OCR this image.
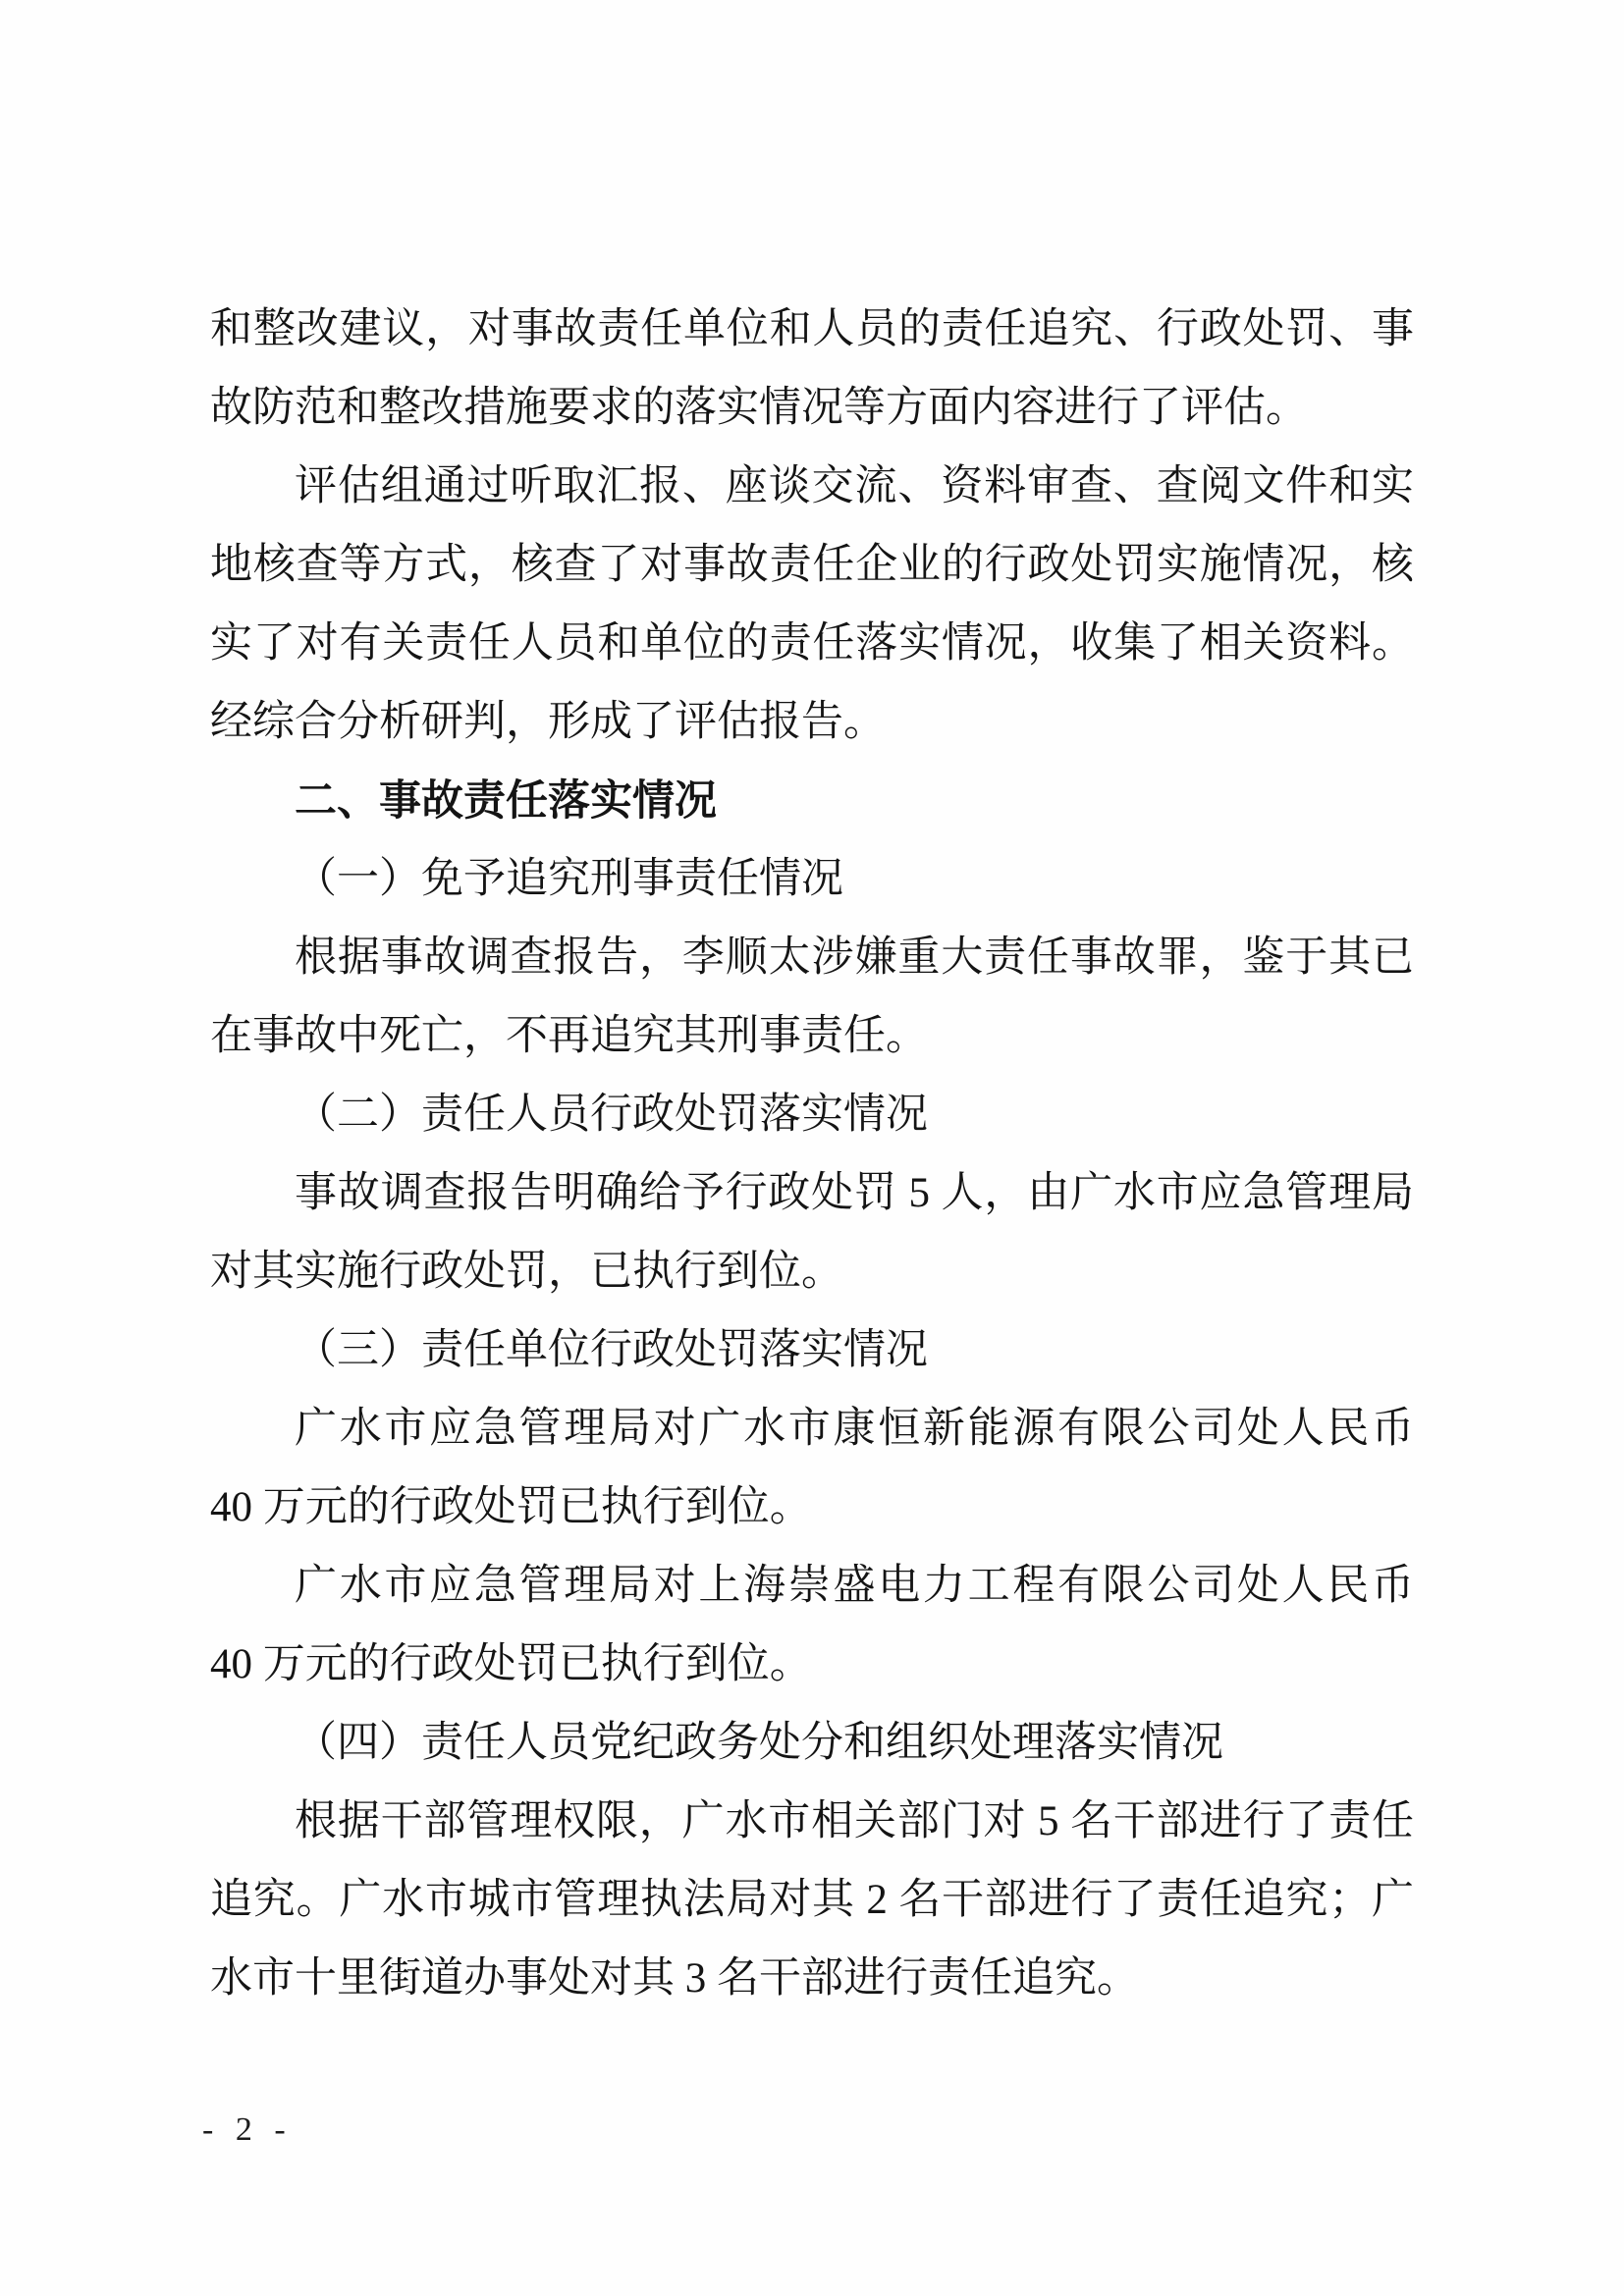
和整改建议，对事故责任单位和人员的责任追究、行政处罚、事
故防范和整改措施要求的落实情况等方面内容进行了评估。
评估组通过听取汇报、座谈交流、资料审查、查阅文件和实
地核查等方式，核查了对事故责任企业的行政处罚实施情况，核
实了对有关责任人员和单位的责任落实情况，收集了相关资料。
经综合分析研判，形成了评估报告。
二、事故责任落实情况
（一）免予追究刑事责任情况
根据事故调查报告，李顺太涉嫌重大责任事故罪，鉴于其已
在事故中死亡，不再追究其刑事责任。
（二）责任人员行政处罚落实情况
事故调查报告明确给予行政处罚 5 人，由广水市应急管理局
对其实施行政处罚，已执行到位。
（三）责任单位行政处罚落实情况
广水市应急管理局对广水市康恒新能源有限公司处人民币
40 万元的行政处罚已执行到位。
广水市应急管理局对上海崇盛电力工程有限公司处人民币
40 万元的行政处罚已执行到位。
（四）责任人员党纪政务处分和组织处理落实情况
根据干部管理权限，广水市相关部门对 5 名干部进行了责任
追究。广水市城市管理执法局对其 2 名干部进行了责任追究；广
水市十里街道办事处对其 3 名干部进行责任追究。
- 2 -
